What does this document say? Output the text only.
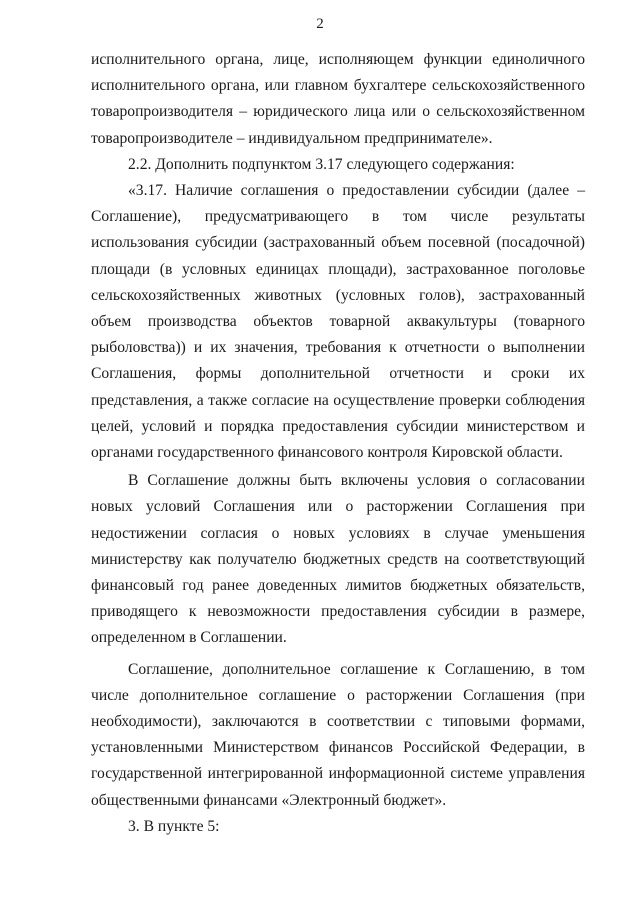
2

исполнительного органа, лице, исполняющем функции единоличного исполнительного органа, или главном бухгалтере сельскохозяйственного товаропроизводителя – юридического лица или о сельскохозяйственном товаропроизводителе – индивидуальном предпринимателе».

2.2. Дополнить подпунктом 3.17 следующего содержания:

«3.17. Наличие соглашения о предоставлении субсидии (далее – Соглашение), предусматривающего в том числе результаты использования субсидии (застрахованный объем посевной (посадочной) площади (в условных единицах площади), застрахованное поголовье сельскохозяйственных животных (условных голов), застрахованный объем производства объектов товарной аквакультуры (товарного рыболовства)) и их значения, требования к отчетности о выполнении Соглашения, формы дополнительной отчетности и сроки их представления, а также согласие на осуществление проверки соблюдения целей, условий и порядка предоставления субсидии министерством и органами государственного финансового контроля Кировской области.

В Соглашение должны быть включены условия о согласовании новых условий Соглашения или о расторжении Соглашения при недостижении согласия о новых условиях в случае уменьшения министерству как получателю бюджетных средств на соответствующий финансовый год ранее доведенных лимитов бюджетных обязательств, приводящего к невозможности предоставления субсидии в размере, определенном в Соглашении.

Соглашение, дополнительное соглашение к Соглашению, в том числе дополнительное соглашение о расторжении Соглашения (при необходимости), заключаются в соответствии с типовыми формами, установленными Министерством финансов Российской Федерации, в государственной интегрированной информационной системе управления общественными финансами «Электронный бюджет».

3. В пункте 5:
